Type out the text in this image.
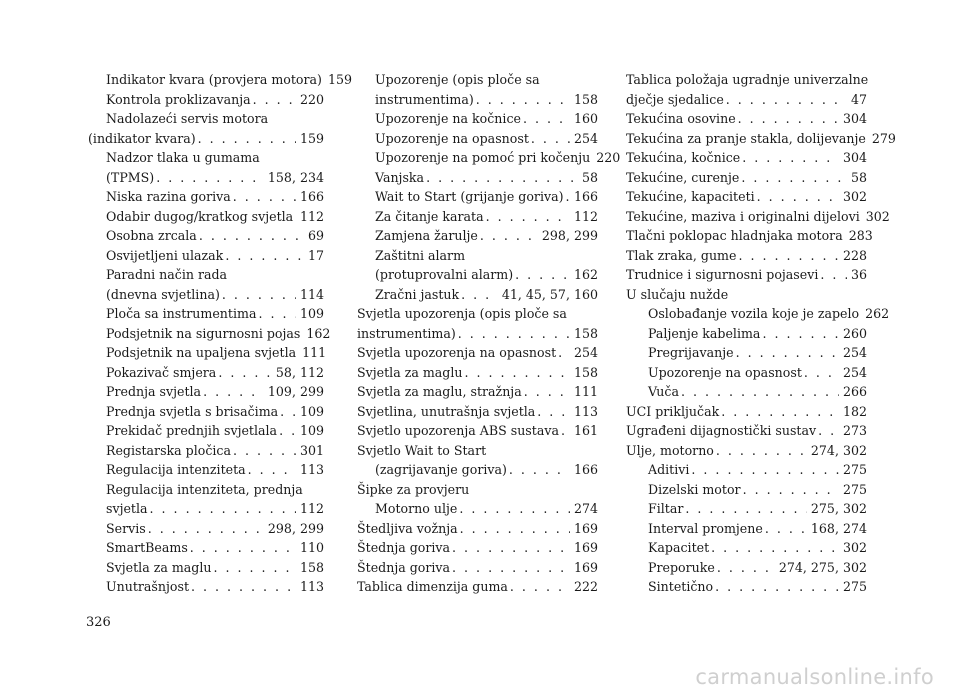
Indikator kvara (provjera motora) 159
Kontrola proklizavanja . . .	220
Nadolazeći servis motora
(indikator kvara) . . .	159
Nadzor tlaka u gumama
(TPMS) . . .	158, 234
Niska razina goriva . . .	166
Odabir dugog/kratkog svjetla . . . 112
Osobna zrcala . . .	69
Osvijetljeni ulazak . . .	17
Paradni način rada
(dnevna svjetlina) . . .	114
Ploča sa instrumentima . . .	109
Podsjetnik na sigurnosni pojas 162
Podsjetnik na upaljena svjetla 111
Pokazivač smjera . . .	58, 112
Prednja svjetla . . .	109, 299
Prednja svjetla s brisačima . . . 109
Prekidač prednjih svjetlala . . . 109
Registarska pločica . . .	301
Regulacija intenziteta . . .	113
Regulacija intenziteta, prednja
svjetla . . .	112
Servis . . .	298, 299
SmartBeams . . .	110
Svjetla za maglu . . .	158
Unutrašnjost . . .	113
Upozorenje (opis ploče sa
instrumentima) . . .	158
Upozorenje na kočnice . . .	160
Upozorenje na opasnost . . .	254
Upozorenje na pomoć pri kočenju 220
Vanjska . . .	58
Wait to Start (grijanje goriva) . . . 166
Za čitanje karata . . .	112
Zamjena žarulje . . .	298, 299
Zaštitni alarm
(protuprovalni alarm) . . .	162
Zračni jastuk . . .	41, 45, 57, 160
Svjetla upozorenja (opis ploče sa
instrumentima) . . .	158
Svjetla upozorenja na opasnost . . . 254
Svjetla za maglu . . .	158
Svjetla za maglu, stražnja . . .	111
Svjetlina, unutrašnja svjetla . . .	113
Svjetlo upozorenja ABS sustava . . . 161
Svjetlo Wait to Start
(zagrijavanje goriva) . . .	166
Šipke za provjeru
Motorno ulje . . .	274
Štedljiva vožnja . . .	169
Štednja goriva . . .	169
Štednja goriva . . .	169
Tablica dimenzija guma . . .	222
Tablica položaja ugradnje univerzalne
dječje sjedalice . . .	47
Tekućina osovine . . .	304
Tekućina za pranje stakla, dolijevanje 279
Tekućina, kočnice . . .	304
Tekućine, curenje . . .	58
Tekućine, kapaciteti . . .	302
Tekućine, maziva i originalni dijelovi 302
Tlačni poklopac hladnjaka motora 283
Tlak zraka, gume . . .	228
Trudnice i sigurnosni pojasevi . . .	36
U slučaju nužde
Oslobađanje vozila koje je zapelo 262
Paljenje kabelima . . .	260
Pregrijavanje . . .	254
Upozorenje na opasnost . . .	254
Vuča . . .	266
UCI priključak . . .	182
Ugrađeni dijagnostički sustav . . . 273
Ulje, motorno . . .	274, 302
Aditivi . . .	275
Dizelski motor . . .	275
Filtar . . .	275, 302
Interval promjene . . .	168, 274
Kapacitet . . .	302
Preporuke . . .	274, 275, 302
Sintetično . . .	275
326
carmanualsonline.info
